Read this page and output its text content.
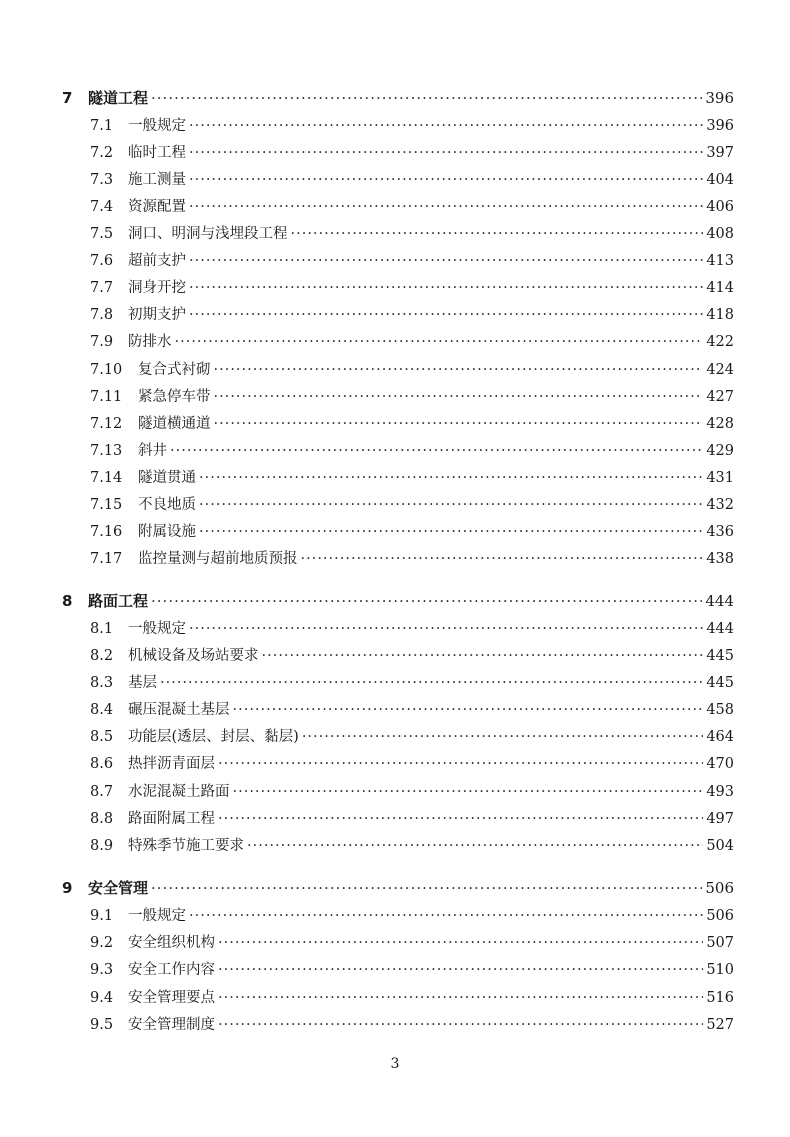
7	隧道工程 ·····	396
7.1	一般规定 ·····	396
7.2	临时工程 ·····	397
7.3	施工测量 ·····	404
7.4	资源配置 ·····	406
7.5	洞口、明洞与浅埋段工程 ·····	408
7.6	超前支护 ·····	413
7.7	洞身开挖 ·····	414
7.8	初期支护 ·····	418
7.9	防排水 ·····	422
7.10	复合式衬砌 ·····	424
7.11	紧急停车带 ·····	427
7.12	隧道横通道 ·····	428
7.13	斜井 ·····	429
7.14	隧道贯通 ·····	431
7.15	不良地质 ·····	432
7.16	附属设施 ·····	436
7.17	监控量测与超前地质预报 ·····	438
8	路面工程 ·····	444
8.1	一般规定 ·····	444
8.2	机械设备及场站要求 ·····	445
8.3	基层 ·····	445
8.4	碾压混凝土基层 ·····	458
8.5	功能层(透层、封层、黏层) ·····	464
8.6	热拌沥青面层 ·····	470
8.7	水泥混凝土路面 ·····	493
8.8	路面附属工程 ·····	497
8.9	特殊季节施工要求 ·····	504
9	安全管理 ·····	506
9.1	一般规定 ·····	506
9.2	安全组织机构 ·····	507
9.3	安全工作内容 ·····	510
9.4	安全管理要点 ·····	516
9.5	安全管理制度 ·····	527
3
